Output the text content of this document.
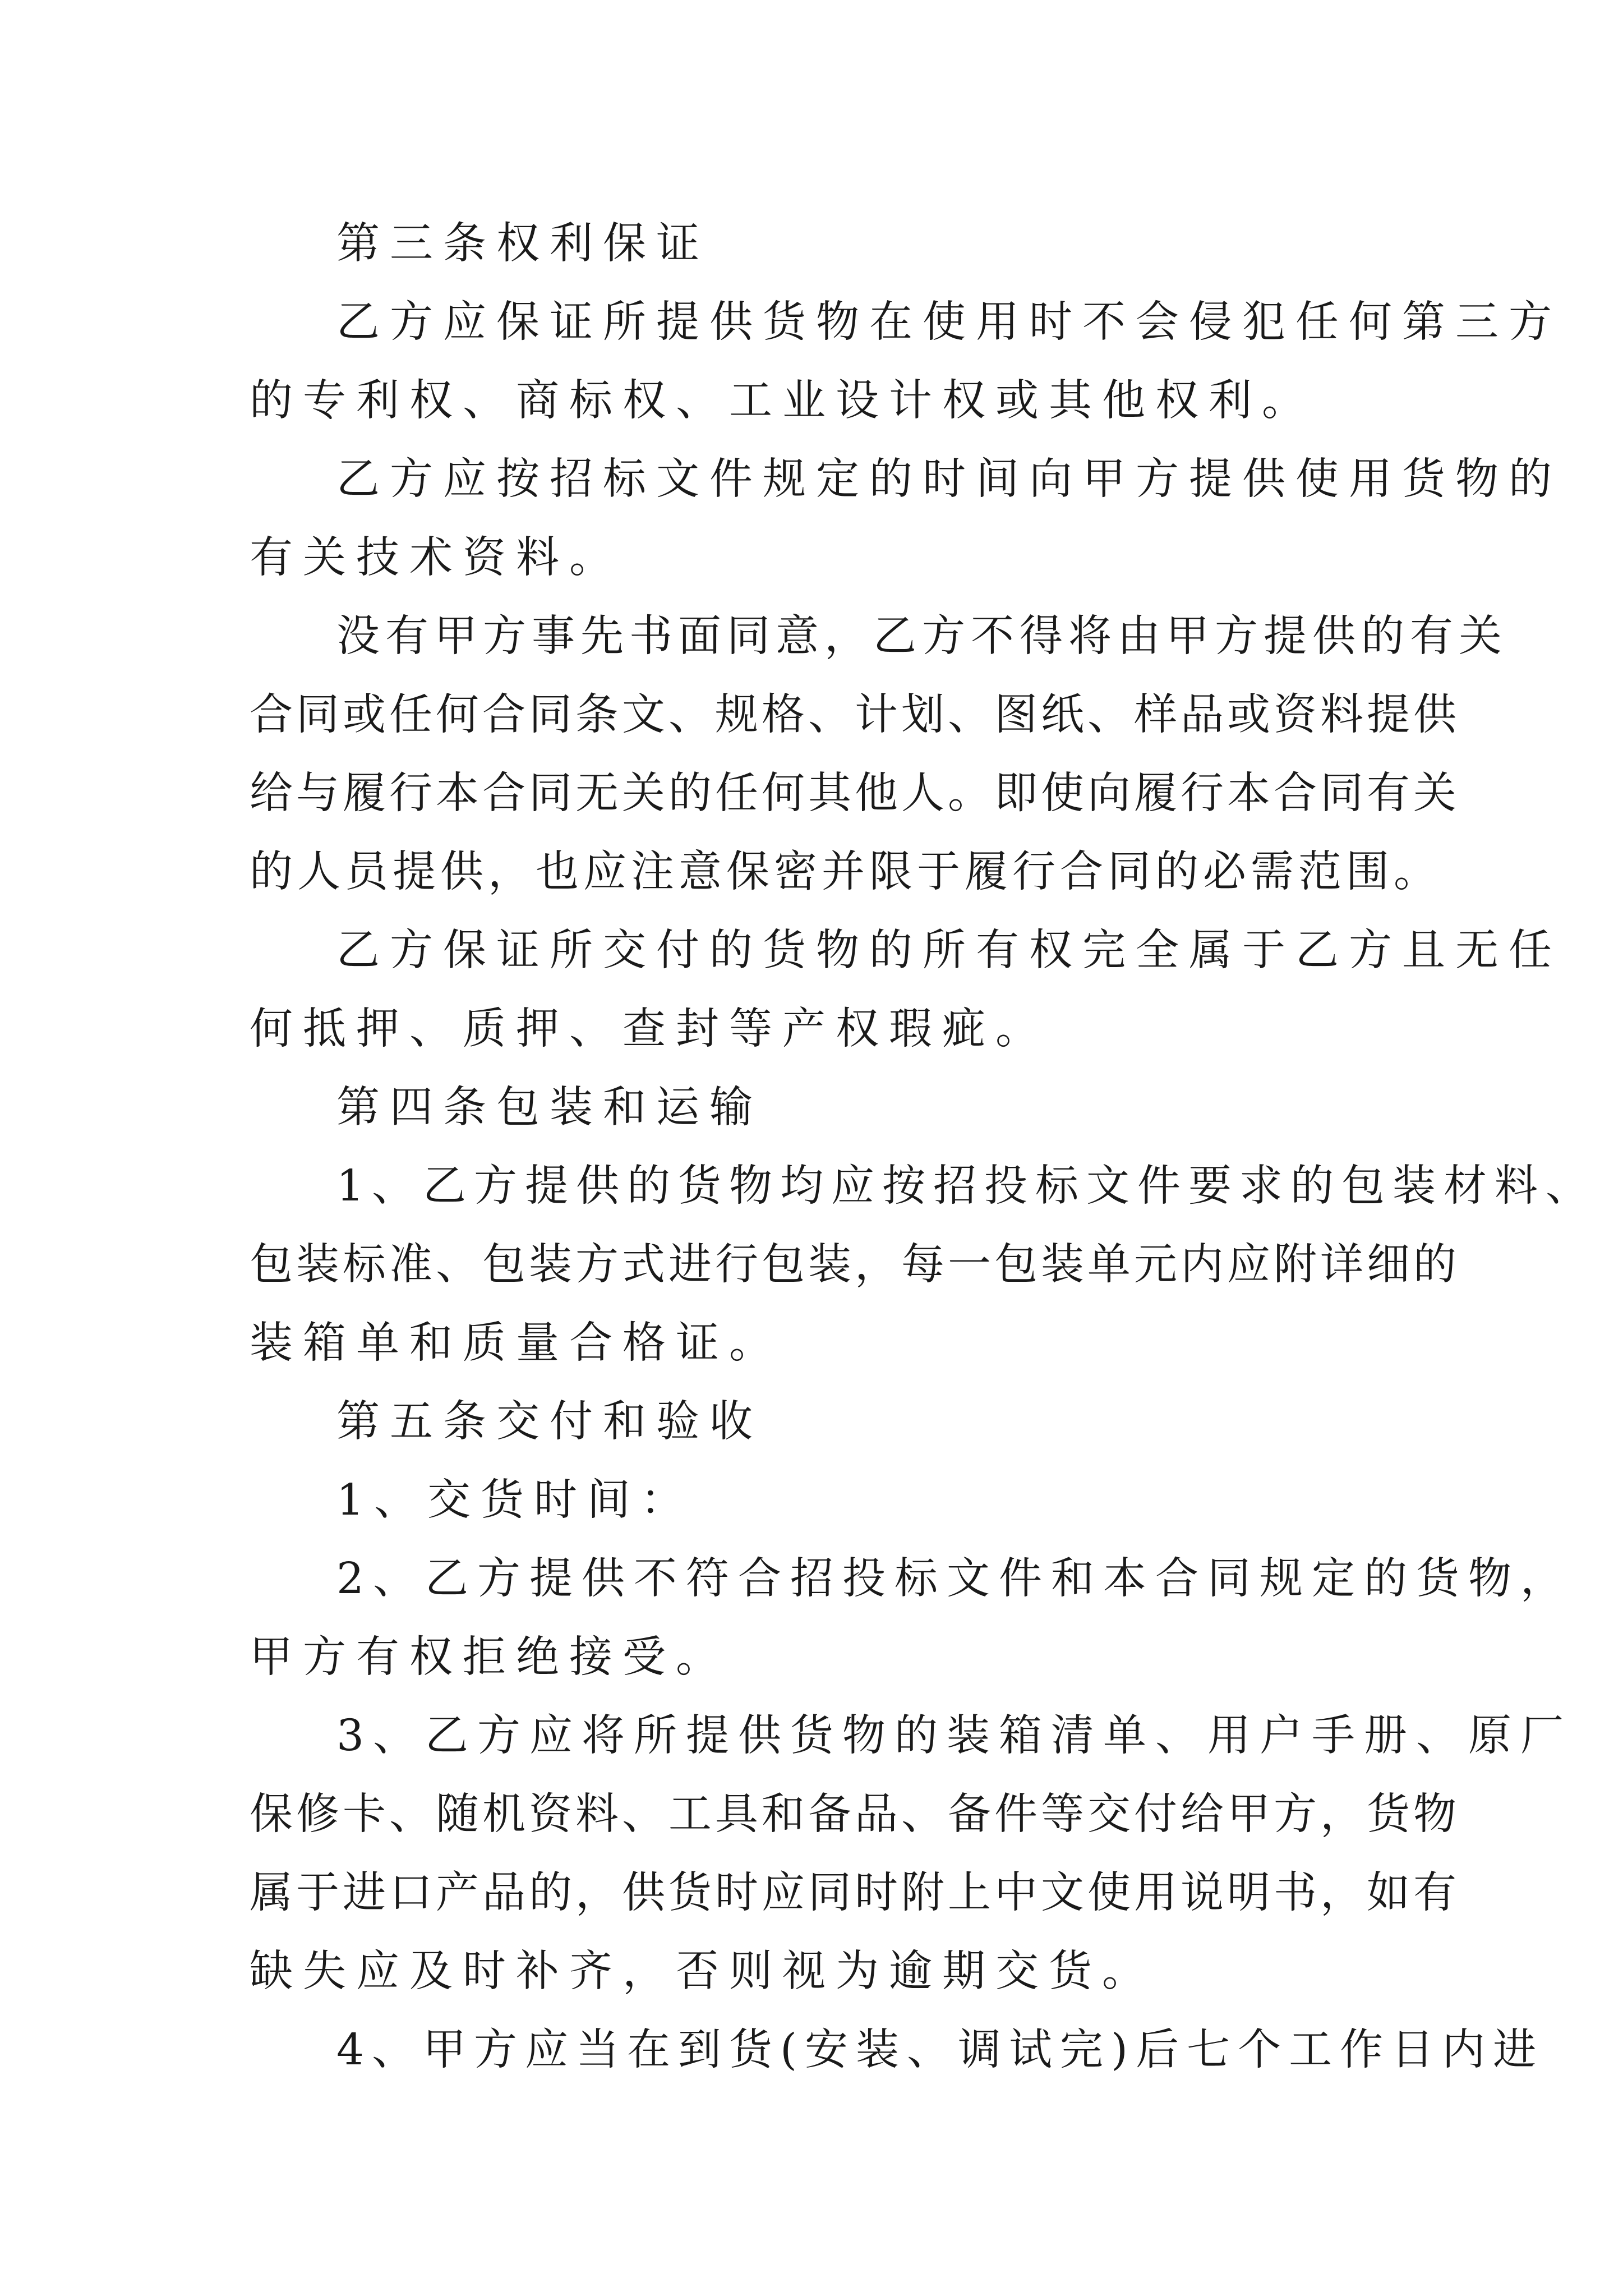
第三条权利保证
乙方应保证所提供货物在使用时不会侵犯任何第三方
的专利权、商标权、工业设计权或其他权利。
乙方应按招标文件规定的时间向甲方提供使用货物的
有关技术资料。
没有甲方事先书面同意，乙方不得将由甲方提供的有关
合同或任何合同条文、规格、计划、图纸、样品或资料提供
给与履行本合同无关的任何其他人。即使向履行本合同有关
的人员提供，也应注意保密并限于履行合同的必需范围。
乙方保证所交付的货物的所有权完全属于乙方且无任
何抵押、质押、查封等产权瑕疵。
第四条包装和运输
1、乙方提供的货物均应按招投标文件要求的包装材料、
包装标准、包装方式进行包装，每一包装单元内应附详细的
装箱单和质量合格证。
第五条交付和验收
1、交货时间：
2、乙方提供不符合招投标文件和本合同规定的货物，
甲方有权拒绝接受。
3、乙方应将所提供货物的装箱清单、用户手册、原厂
保修卡、随机资料、工具和备品、备件等交付给甲方，货物
属于进口产品的，供货时应同时附上中文使用说明书，如有
缺失应及时补齐，否则视为逾期交货。
4、甲方应当在到货(安装、调试完)后七个工作日内进
